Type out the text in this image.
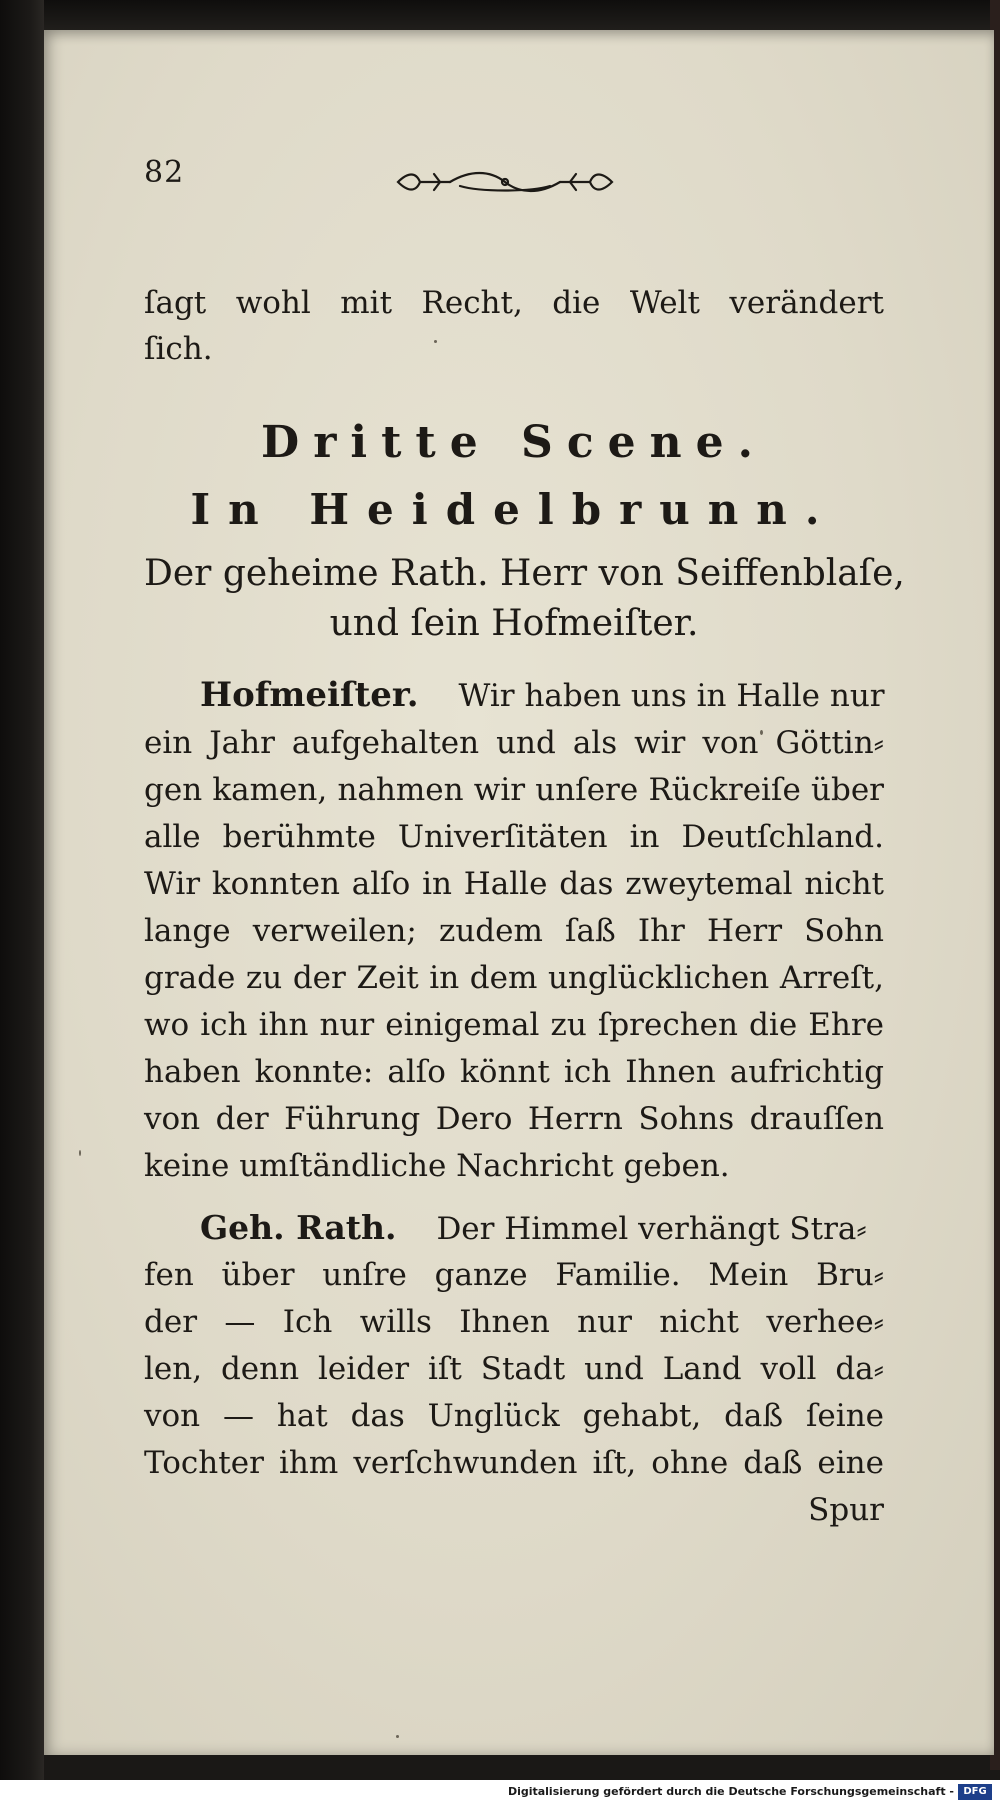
82
ſagt wohl mit Recht, die Welt verändert
ſich.
Dritte Scene.
In Heidelbrunn.
Der geheime Rath. Herr von Seiffenblaſe,
und ſein Hofmeiſter.
Hofmeiſter. Wir haben uns in Halle nur
ein Jahr aufgehalten und als wir von Göttin⸗
gen kamen, nahmen wir unſere Rückreiſe über
alle berühmte Univerſitäten in Deutſchland.
Wir konnten alſo in Halle das zweytemal nicht
lange verweilen; zudem ſaß Ihr Herr Sohn
grade zu der Zeit in dem unglücklichen Arreſt,
wo ich ihn nur einigemal zu ſprechen die Ehre
haben konnte: alſo könnt ich Ihnen aufrichtig
von der Führung Dero Herrn Sohns drauſſen
keine umſtändliche Nachricht geben.
Geh. Rath. Der Himmel verhängt Stra⸗
fen über unſre ganze Familie. Mein Bru⸗
der — Ich wills Ihnen nur nicht verhee⸗
len, denn leider iſt Stadt und Land voll da⸗
von — hat das Unglück gehabt, daß ſeine
Tochter ihm verſchwunden iſt, ohne daß eine
Spur
Digitalisierung gefördert durch die Deutsche Forschungsgemeinschaft - DFG
